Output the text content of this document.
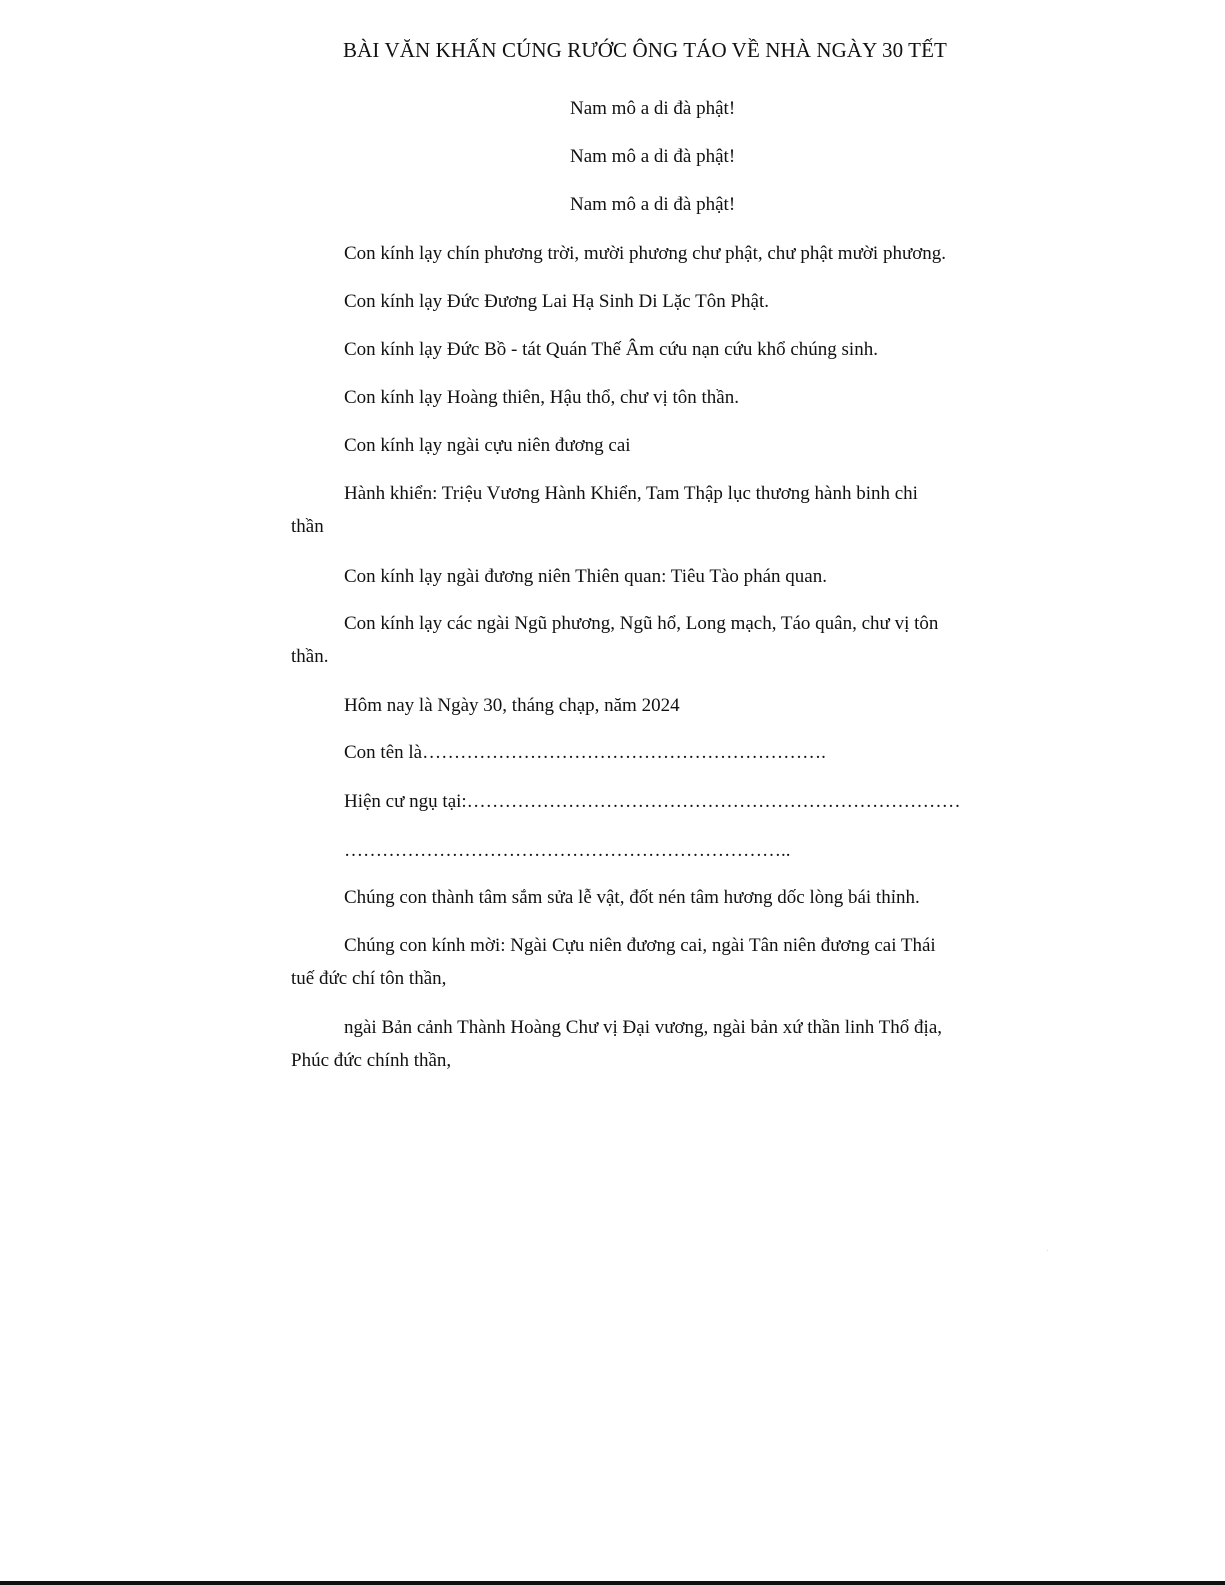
BÀI VĂN KHẤN CÚNG RƯỚC ÔNG TÁO VỀ NHÀ NGÀY 30 TẾT
Nam mô a di đà phật!
Nam mô a di đà phật!
Nam mô a di đà phật!
Con kính lạy chín phương trời, mười phương chư phật, chư phật mười phương.
Con kính lạy Đức Đương Lai Hạ Sinh Di Lặc Tôn Phật.
Con kính lạy Đức Bồ - tát Quán Thế Âm cứu nạn cứu khổ chúng sinh.
Con kính lạy Hoàng thiên, Hậu thổ, chư vị tôn thần.
Con kính lạy ngài cựu niên đương cai
Hành khiển: Triệu Vương Hành Khiển, Tam Thập lục thương hành binh chi thần
Con kính lạy ngài đương niên Thiên quan: Tiêu Tào phán quan.
Con kính lạy các ngài Ngũ phương, Ngũ hổ, Long mạch, Táo quân, chư vị tôn thần.
Hôm nay là Ngày 30, tháng chạp, năm 2024
Con tên là……………………………………………………….
Hiện cư ngụ tại:……………………………………………………………………
……………………………………………………………..
Chúng con thành tâm sắm sửa lễ vật, đốt nén tâm hương dốc lòng bái thỉnh.
Chúng con kính mời: Ngài Cựu niên đương cai, ngài Tân niên đương cai Thái tuế đức chí tôn thần,
ngài Bản cảnh Thành Hoàng Chư vị Đại vương, ngài bản xứ thần linh Thổ địa, Phúc đức chính thần,
